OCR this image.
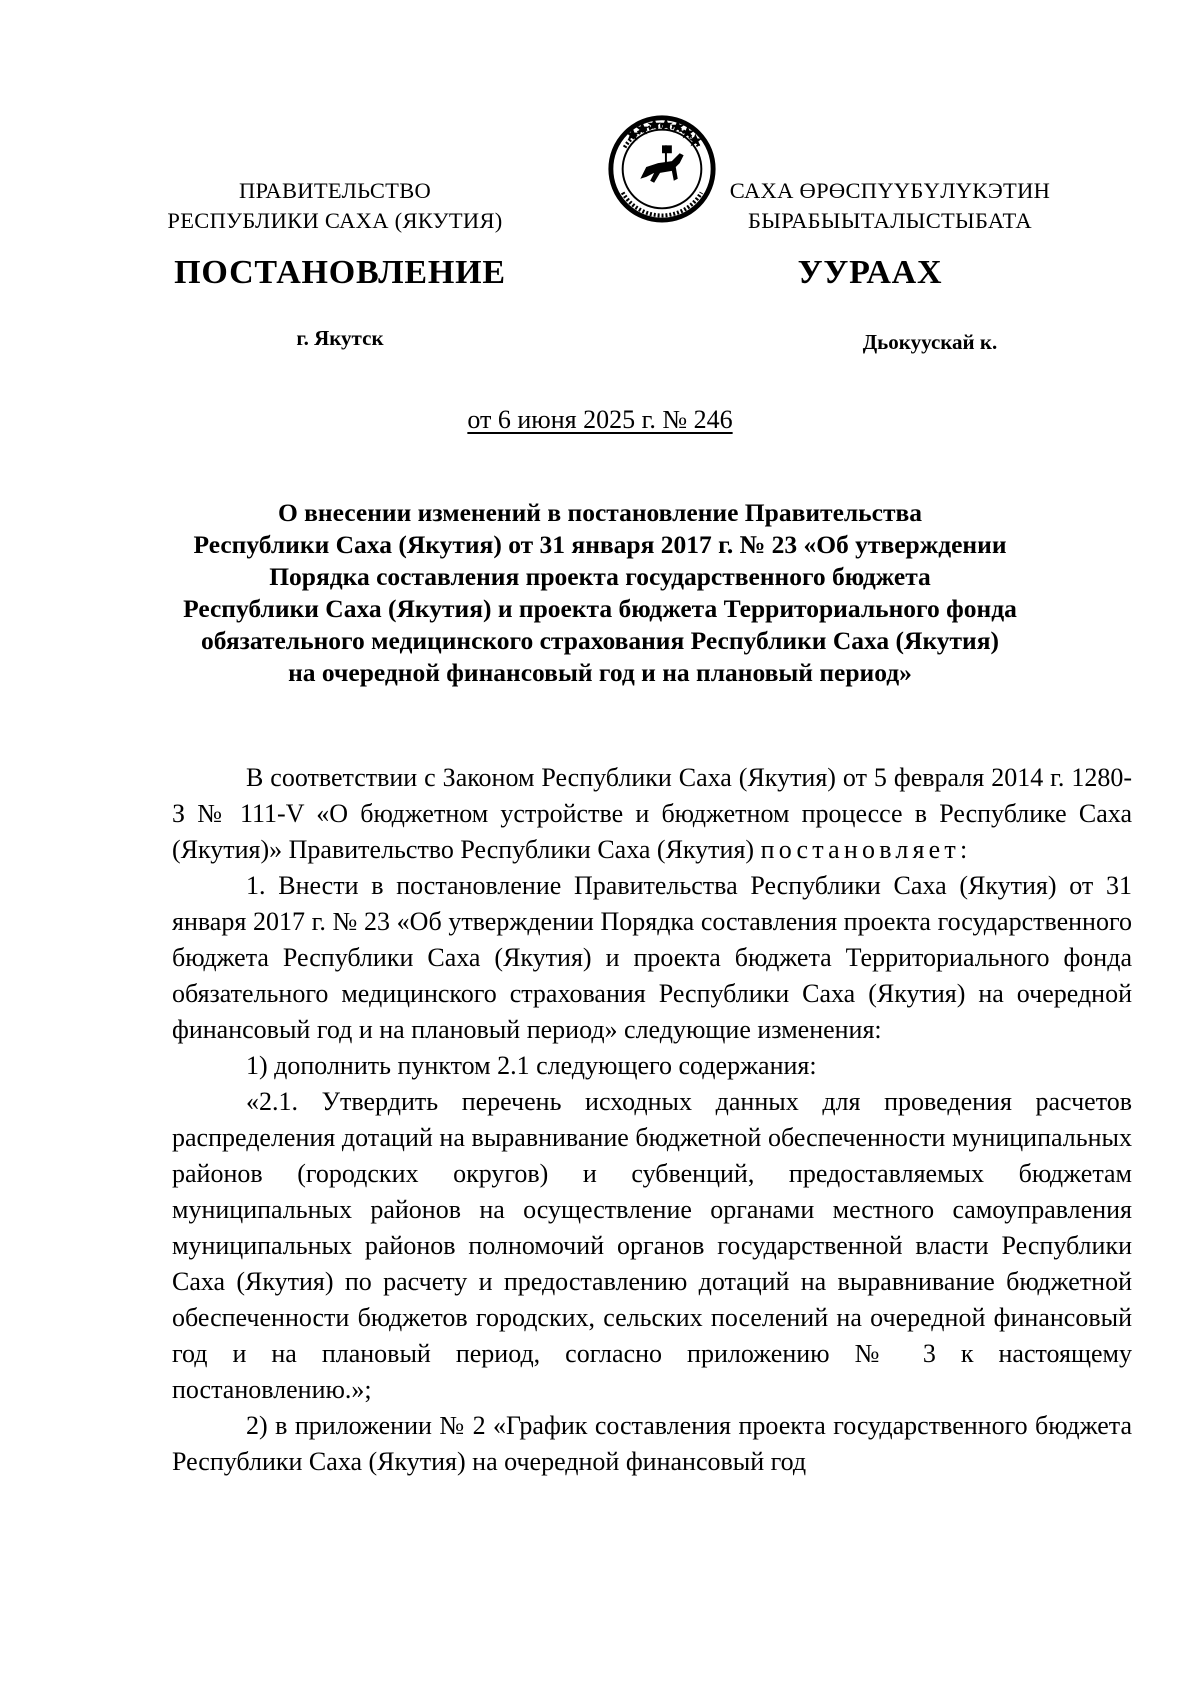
ПРАВИТЕЛЬСТВО
РЕСПУБЛИКИ САХА (ЯКУТИЯ)
САХА ӨРӨСПҮҮБҮЛҮКЭТИН
БЫРАБЫЫТАЛЫСТЫБАТА
ПОСТАНОВЛЕНИЕ	УУРААХ
г. Якутск	Дьокуускай к.
от 6 июня 2025 г. № 246
О внесении изменений в постановление Правительства
Республики Саха (Якутия) от 31 января 2017 г. № 23 «Об утверждении
Порядка составления проекта государственного бюджета
Республики Саха (Якутия) и проекта бюджета Территориального фонда
обязательного медицинского страхования Республики Саха (Якутия)
на очередной финансовый год и на плановый период»

В соответствии с Законом Республики Саха (Якутия) от 5 февраля 2014 г. 1280-З № 111-V «О бюджетном устройстве и бюджетном процессе в Республике Саха (Якутия)» Правительство Республики Саха (Якутия) постановляет:

1. Внести в постановление Правительства Республики Саха (Якутия) от 31 января 2017 г. № 23 «Об утверждении Порядка составления проекта государственного бюджета Республики Саха (Якутия) и проекта бюджета Территориального фонда обязательного медицинского страхования Республики Саха (Якутия) на очередной финансовый год и на плановый период» следующие изменения:

1) дополнить пунктом 2.1 следующего содержания:

«2.1. Утвердить перечень исходных данных для проведения расчетов распределения дотаций на выравнивание бюджетной обеспеченности муниципальных районов (городских округов) и субвенций, предоставляемых бюджетам муниципальных районов на осуществление органами местного самоуправления муниципальных районов полномочий органов государственной власти Республики Саха (Якутия) по расчету и предоставлению дотаций на выравнивание бюджетной обеспеченности бюджетов городских, сельских поселений на очередной финансовый год и на плановый период, согласно приложению № 3 к настоящему постановлению.»;

2) в приложении № 2 «График составления проекта государственного бюджета Республики Саха (Якутия) на очередной финансовый год
